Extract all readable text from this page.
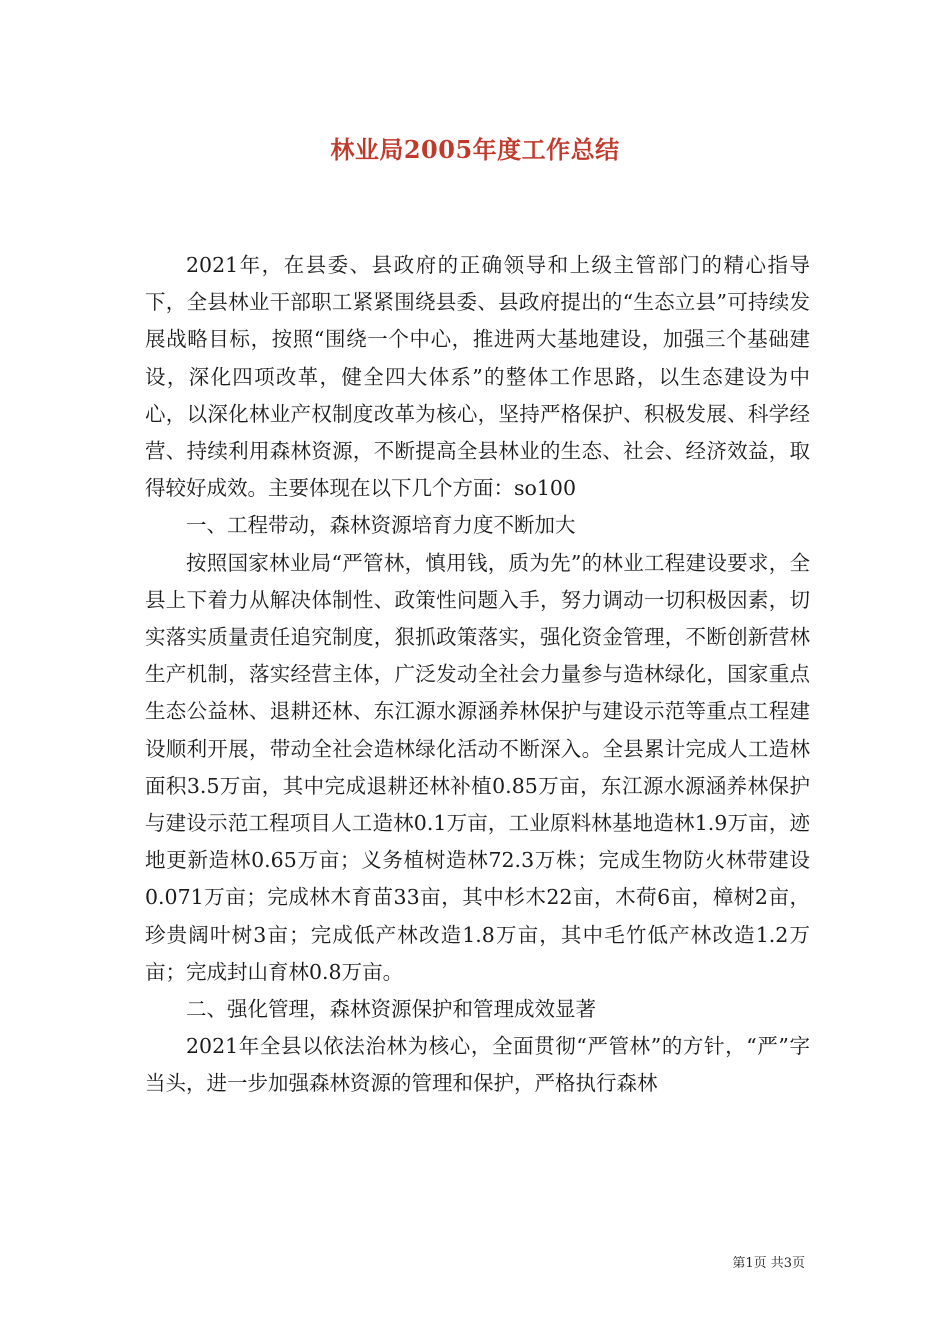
林业局2005年度工作总结

2021年，在县委、县政府的正确领导和上级主管部门的精心指导下，全县林业干部职工紧紧围绕县委、县政府提出的“生态立县”可持续发展战略目标，按照“围绕一个中心，推进两大基地建设，加强三个基础建设，深化四项改革，健全四大体系”的整体工作思路，以生态建设为中心，以深化林业产权制度改革为核心，坚持严格保护、积极发展、科学经营、持续利用森林资源，不断提高全县林业的生态、社会、经济效益，取得较好成效。主要体现在以下几个方面：so100

一、工程带动，森林资源培育力度不断加大

按照国家林业局“严管林，慎用钱，质为先”的林业工程建设要求，全县上下着力从解决体制性、政策性问题入手，努力调动一切积极因素，切实落实质量责任追究制度，狠抓政策落实，强化资金管理，不断创新营林生产机制，落实经营主体，广泛发动全社会力量参与造林绿化，国家重点生态公益林、退耕还林、东江源水源涵养林保护与建设示范等重点工程建设顺利开展，带动全社会造林绿化活动不断深入。全县累计完成人工造林面积3.5万亩，其中完成退耕还林补植0.85万亩，东江源水源涵养林保护与建设示范工程项目人工造林0.1万亩，工业原料林基地造林1.9万亩，迹地更新造林0.65万亩；义务植树造林72.3万株；完成生物防火林带建设0.071万亩；完成林木育苗33亩，其中杉木22亩，木荷6亩，樟树2亩，珍贵阔叶树3亩；完成低产林改造1.8万亩，其中毛竹低产林改造1.2万亩；完成封山育林0.8万亩。

二、强化管理，森林资源保护和管理成效显著

2021年全县以依法治林为核心，全面贯彻“严管林”的方针，“严”字当头，进一步加强森林资源的管理和保护，严格执行森林

第1页 共3页
